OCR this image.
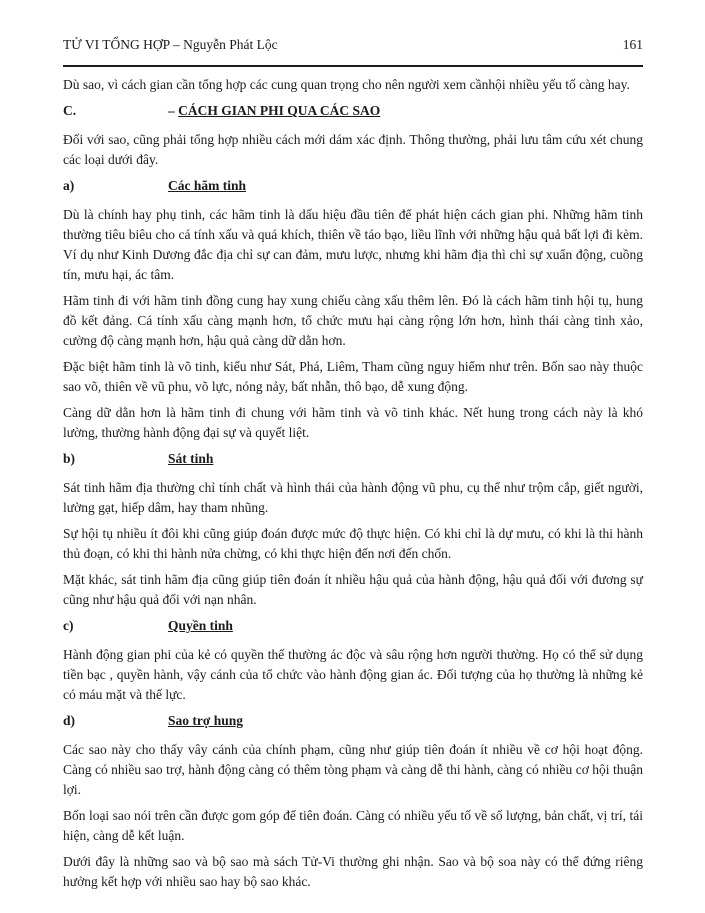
TỬ VI TỔNG HỢP – Nguyễn Phát Lộc	161

Dù sao, vì cách gian cần tổng hợp các cung quan trọng cho nên người xem cầnhội nhiều yếu tố càng hay.

C.	– CÁCH GIAN PHI QUA CÁC SAO

Đối với sao, cũng phải tổng hợp nhiều cách mới dám xác định. Thông thường, phải lưu tâm cứu xét chung các loại dưới đây.

a)	Các hãm tinh

Dù là chính hay phụ tinh, các hãm tinh là dấu hiệu đầu tiên để phát hiện cách gian phi. Những hãm tinh thường tiêu biêu cho cá tính xấu và quá khích, thiên về táo bạo, liều lĩnh với những hậu quả bất lợi đi kèm. Ví dụ như Kinh Dương đắc địa chỉ sự can đảm, mưu lược, nhưng khi hãm địa thì chỉ sự xuẩn động, cuồng tín, mưu hại, ác tâm.

Hãm tinh đi với hãm tinh đồng cung hay xung chiếu càng xấu thêm lên. Đó là cách hãm tinh hội tụ, hung đồ kết đảng. Cá tính xấu càng mạnh hơn, tổ chức mưu hại càng rộng lớn hơn, hình thái càng tinh xảo, cường độ càng mạnh hơn, hậu quả càng dữ dằn hơn.

Đặc biệt hãm tinh là võ tinh, kiểu như Sát, Phá, Liêm, Tham cũng nguy hiểm như trên. Bốn sao này thuộc sao võ, thiên về vũ phu, võ lực, nóng nảy, bất nhẫn, thô bạo, dễ xung động.

Càng dữ dằn hơn là hãm tinh đi chung với hãm tinh và võ tinh khác. Nết hung trong cách này là khó lường, thường hành động đại sự và quyết liệt.

b)	Sát tinh

Sát tinh hãm địa thường chỉ tính chất và hình thái của hành động vũ phu, cụ thể như trộm cắp, giết người, lường gạt, hiếp dâm, hay tham nhũng.

Sự hội tụ nhiều ít đôi khi cũng giúp đoán được mức độ thực hiện. Có khi chỉ là dự mưu, có khi là thi hành thủ đoạn, có khi thi hành nửa chừng, có khi thực hiện đến nơi đến chốn.

Mặt khác, sát tinh hãm địa cũng giúp tiên đoán ít nhiều hậu quả của hành động, hậu quả đối với đương sự cũng như hậu quả đối với nạn nhân.

c)	Quyền tinh

Hành động gian phi của kẻ có quyền thế thường ác độc và sâu rộng hơn người thường. Họ có thể sử dụng tiền bạc , quyền hành, vậy cánh của tổ chức vào hành động gian ác. Đối tượng của họ thường là những kẻ có máu mặt và thế lực.

d)	Sao trợ hung

Các sao này cho thấy vây cánh của chính phạm, cũng như giúp tiên đoán ít nhiều về cơ hội hoạt động. Càng có nhiều sao trợ, hành động càng có thêm tòng phạm và càng dễ thi hành, càng có nhiều cơ hội thuận lợi.

Bốn loại sao nói trên cần được gom góp để tiên đoán. Càng có nhiều yếu tố về số lượng, bản chất, vị trí, tái hiện, càng dễ kết luận.

Dưới đây là những sao và bộ sao mà sách Tử-Vi thường ghi nhận. Sao và bộ soa này có thể đứng riêng hưởng kết hợp với nhiều sao hay bộ sao khác.
